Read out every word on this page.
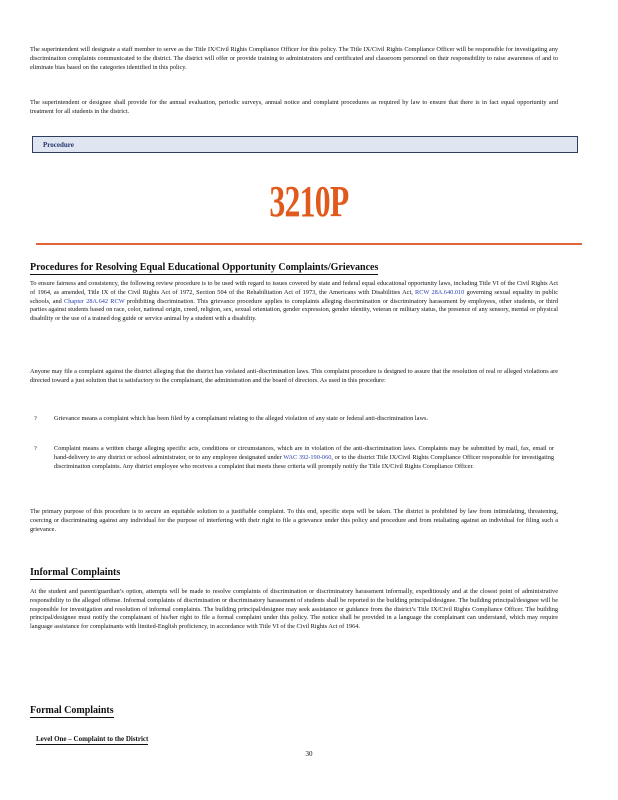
The superintendent will designate a staff member to serve as the Title IX/Civil Rights Compliance Officer for this policy. The Title IX/Civil Rights Compliance Officer will be responsible for investigating any discrimination complaints communicated to the district. The district will offer or provide training to administrators and certificated and classroom personnel on their responsibility to raise awareness of and to eliminate bias based on the categories identified in this policy.

The superintendent or designee shall provide for the annual evaluation, periodic surveys, annual notice and complaint procedures as required by law to ensure that there is in fact equal opportunity and treatment for all students in the district.

Procedure
3210P
Procedures for Resolving Equal Educational Opportunity Complaints/Grievances

To ensure fairness and consistency, the following review procedure is to be used with regard to issues covered by state and federal equal educational opportunity laws, including Title VI of the Civil Rights Act of 1964, as amended, Title IX of the Civil Rights Act of 1972, Section 504 of the Rehabilitation Act of 1973, the Americans with Disabilities Act, RCW 28A.640.010 governing sexual equality in public schools, and Chapter 28A.642 RCW prohibiting discrimination. This grievance procedure applies to complaints alleging discrimination or discriminatory harassment by employees, other students, or third parties against students based on race, color, national origin, creed, religion, sex, sexual orientation, gender expression, gender identity, veteran or military status, the presence of any sensory, mental or physical disability or the use of a trained dog guide or service animal by a student with a disability.

Anyone may file a complaint against the district alleging that the district has violated anti-discrimination laws. This complaint procedure is designed to assure that the resolution of real or alleged violations are directed toward a just solution that is satisfactory to the complainant, the administration and the board of directors. As used in this procedure:

?	Grievance means a complaint which has been filed by a complainant relating to the alleged violation of any state or federal anti-discrimination laws.

?	Complaint means a written charge alleging specific acts, conditions or circumstances, which are in violation of the anti-discrimination laws. Complaints may be submitted by mail, fax, email or hand-delivery to any district or school administrator, or to any employee designated under WAC 392-190-060, or to the district Title IX/Civil Rights Compliance Officer responsible for investigating discrimination complaints. Any district employee who receives a complaint that meets these criteria will promptly notify the Title IX/Civil Rights Compliance Officer.

The primary purpose of this procedure is to secure an equitable solution to a justifiable complaint. To this end, specific steps will be taken. The district is prohibited by law from intimidating, threatening, coercing or discriminating against any individual for the purpose of interfering with their right to file a grievance under this policy and procedure and from retaliating against an individual for filing such a grievance.

Informal Complaints

At the student and parent/guardian’s option, attempts will be made to resolve complaints of discrimination or discriminatory harassment informally, expeditiously and at the closest point of administrative responsibility to the alleged offense. Informal complaints of discrimination or discriminatory harassment of students shall be reported to the building principal/designee. The building principal/designee will be responsible for investigation and resolution of informal complaints. The building principal/designee may seek assistance or guidance from the district’s Title IX/Civil Rights Compliance Officer. The building principal/designee must notify the complainant of his/her right to file a formal complaint under this policy. The notice shall be provided in a language the complainant can understand, which may require language assistance for complainants with limited-English proficiency, in accordance with Title VI of the Civil Rights Act of 1964.

Formal Complaints
Level One – Complaint to the District
30
